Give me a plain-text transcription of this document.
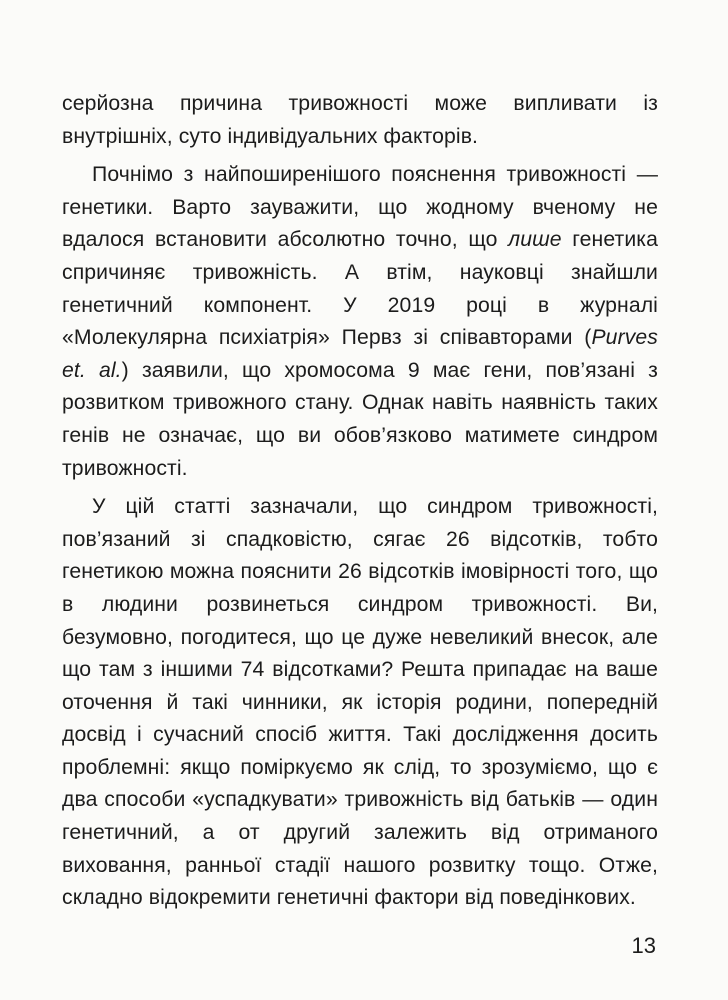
серйозна причина тривожності може випливати із внутрішніх, суто індивідуальних факторів.

Почнімо з найпоширенішого пояснення тривожності — генетики. Варто зауважити, що жодному вченому не вдалося встановити абсолютно точно, що лише генетика спричиняє тривожність. А втім, науковці знайшли генетичний компонент. У 2019 році в журналі «Молекулярна психіатрія» Первз зі співавторами (Purves et. al.) заявили, що хромосома 9 має гени, пов’язані з розвитком тривожного стану. Однак навіть наявність таких генів не означає, що ви обов’язково матимете синдром тривожності.

У цій статті зазначали, що синдром тривожності, пов’язаний зі спадковістю, сягає 26 відсотків, тобто генетикою можна пояснити 26 відсотків імовірності того, що в людини розвинеться синдром тривожності. Ви, безумовно, погодитеся, що це дуже невеликий внесок, але що там з іншими 74 відсотками? Решта припадає на ваше оточення й такі чинники, як історія родини, попередній досвід і сучасний спосіб життя. Такі дослідження досить проблемні: якщо поміркуємо як слід, то зрозуміємо, що є два способи «успадкувати» тривожність від батьків — один генетичний, а от другий залежить від отриманого виховання, ранньої стадії нашого розвитку тощо. Отже, складно відокремити генетичні фактори від поведінкових.

13
